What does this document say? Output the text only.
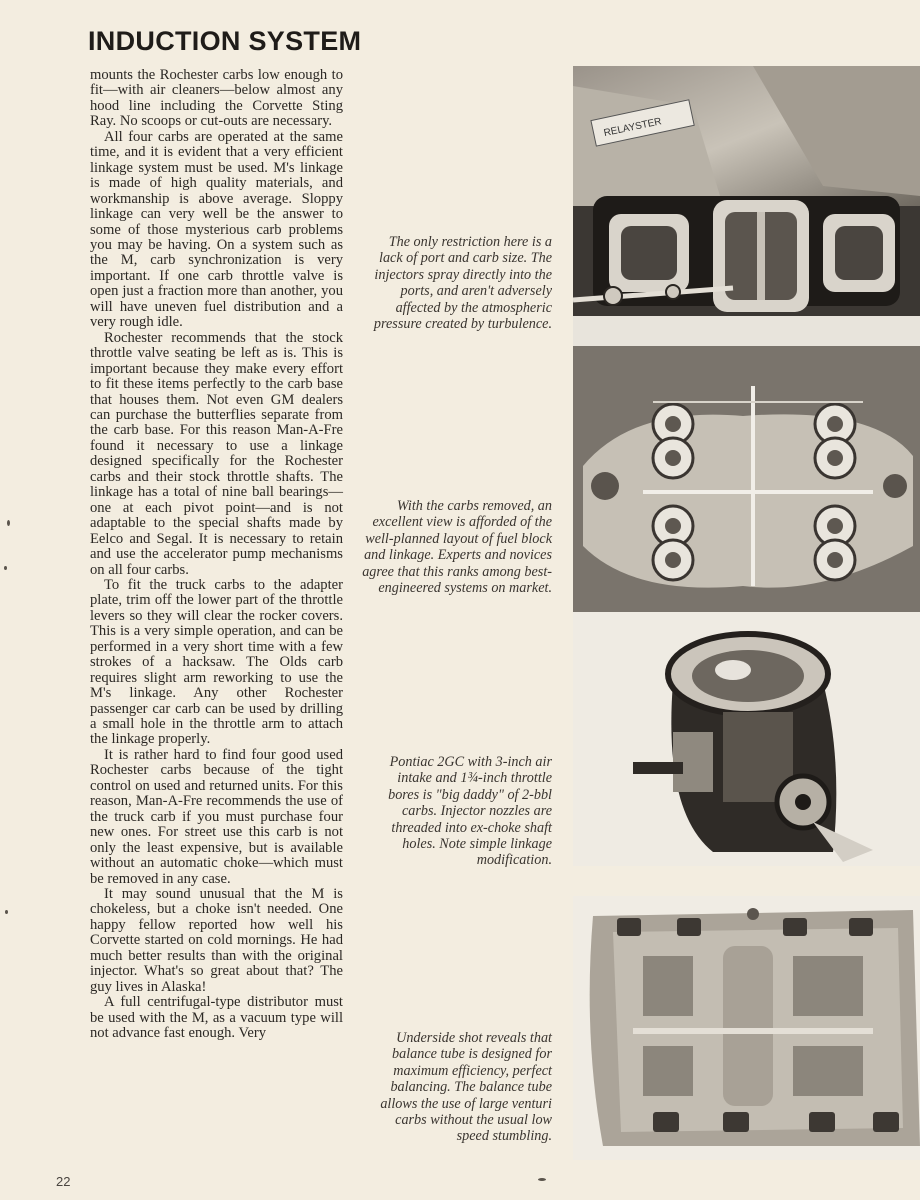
INDUCTION SYSTEM

mounts the Rochester carbs low enough to fit—with air cleaners—below almost any hood line including the Corvette Sting Ray. No scoops or cut-outs are necessary.

All four carbs are operated at the same time, and it is evident that a very efficient linkage system must be used. M's linkage is made of high quality materials, and workmanship is above average. Sloppy linkage can very well be the answer to some of those mysterious carb problems you may be having. On a system such as the M, carb synchronization is very important. If one carb throttle valve is open just a fraction more than another, you will have uneven fuel distribution and a very rough idle.

Rochester recommends that the stock throttle valve seating be left as is. This is important because they make every effort to fit these items perfectly to the carb base that houses them. Not even GM dealers can purchase the butterflies separate from the carb base. For this reason Man-A-Fre found it necessary to use a linkage designed specifically for the Rochester carbs and their stock throttle shafts. The linkage has a total of nine ball bearings— one at each pivot point—and is not adaptable to the special shafts made by Eelco and Segal. It is necessary to retain and use the accelerator pump mechanisms on all four carbs.

To fit the truck carbs to the adapter plate, trim off the lower part of the throttle levers so they will clear the rocker covers. This is a very simple operation, and can be performed in a very short time with a few strokes of a hacksaw. The Olds carb requires slight arm reworking to use the M's linkage. Any other Rochester passenger car carb can be used by drilling a small hole in the throttle arm to attach the linkage properly.

It is rather hard to find four good used Rochester carbs because of the tight control on used and returned units. For this reason, Man-A-Fre recommends the use of the truck carb if you must purchase four new ones. For street use this carb is not only the least expensive, but is available without an automatic choke—which must be removed in any case.

It may sound unusual that the M is chokeless, but a choke isn't needed. One happy fellow reported how well his Corvette started on cold mornings. He had much better results than with the original injector. What's so great about that? The guy lives in Alaska!

A full centrifugal-type distributor must be used with the M, as a vacuum type will not advance fast enough. Very

The only restriction here is a lack of port and carb size. The injectors spray directly into the ports, and aren't adversely affected by the atmospheric pressure created by turbulence.
With the carbs removed, an excellent view is afforded of the well-planned layout of fuel block and linkage. Experts and novices agree that this ranks among best-engineered systems on market.
Pontiac 2GC with 3-inch air intake and 1¾-inch throttle bores is "big daddy" of 2-bbl carbs. Injector nozzles are threaded into ex-choke shaft holes. Note simple linkage modification.
Underside shot reveals that balance tube is designed for maximum efficiency, perfect balancing. The balance tube allows the use of large venturi carbs without the usual low speed stumbling.
RELAYSTER
22
